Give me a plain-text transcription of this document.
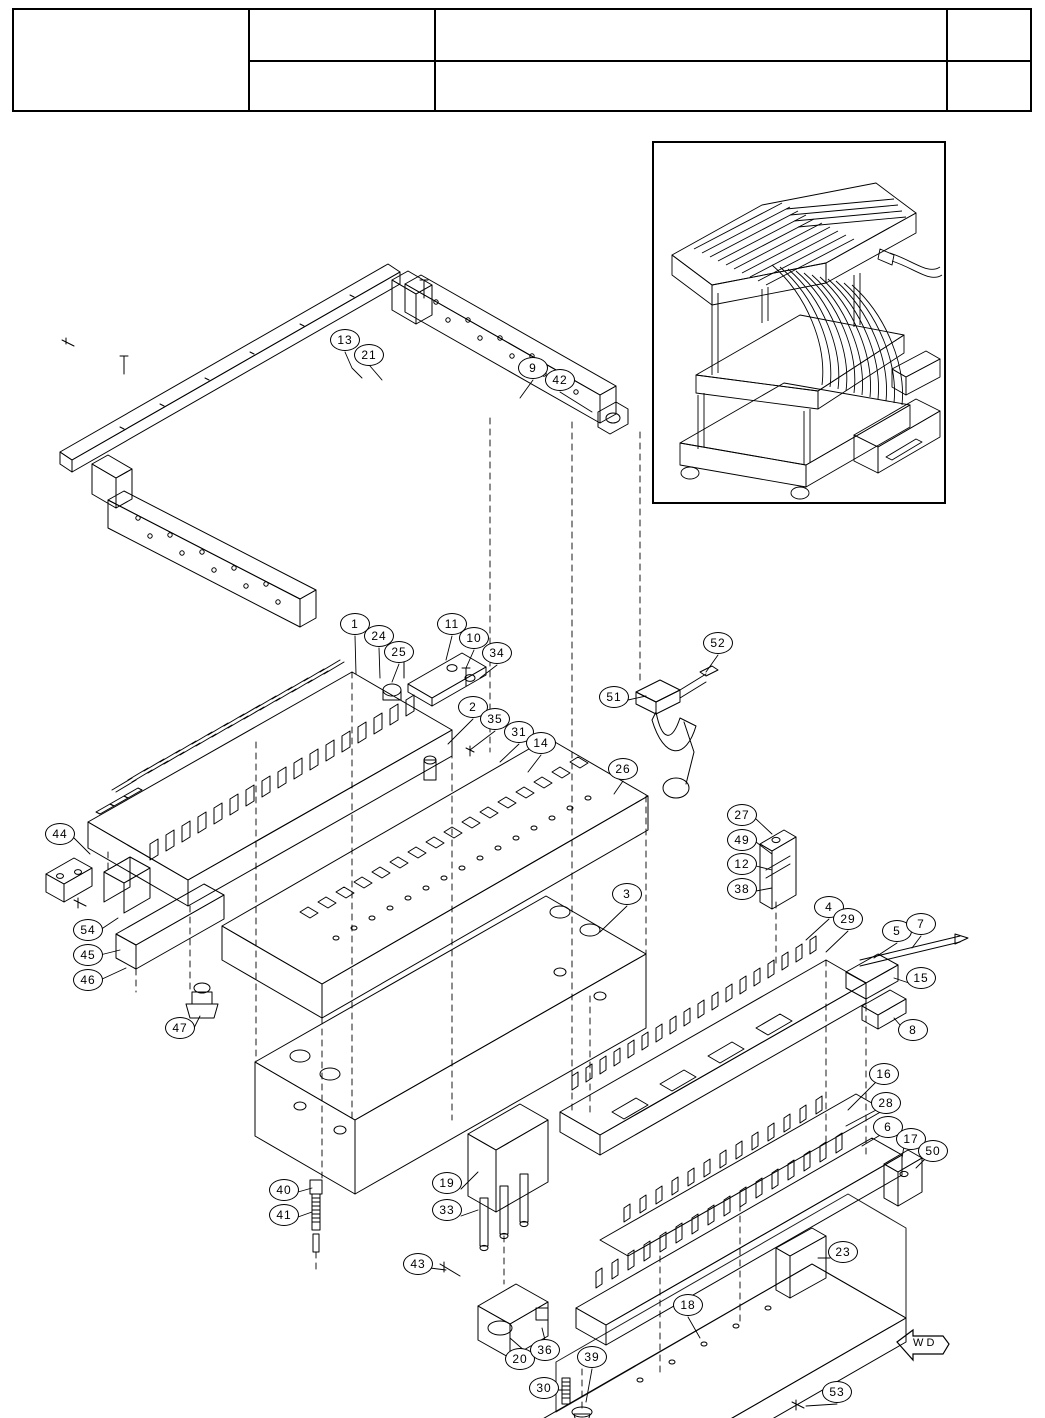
W D
13
21
9
42
1
24
25
11
10
34
2
35
31
14
52
51
26
44
54
45
46
47
3
27
49
12
38
4
29
5	7
15
8
16
28
6
17
50
40
41
19
33
43
23
18
20
36	39
30	53
